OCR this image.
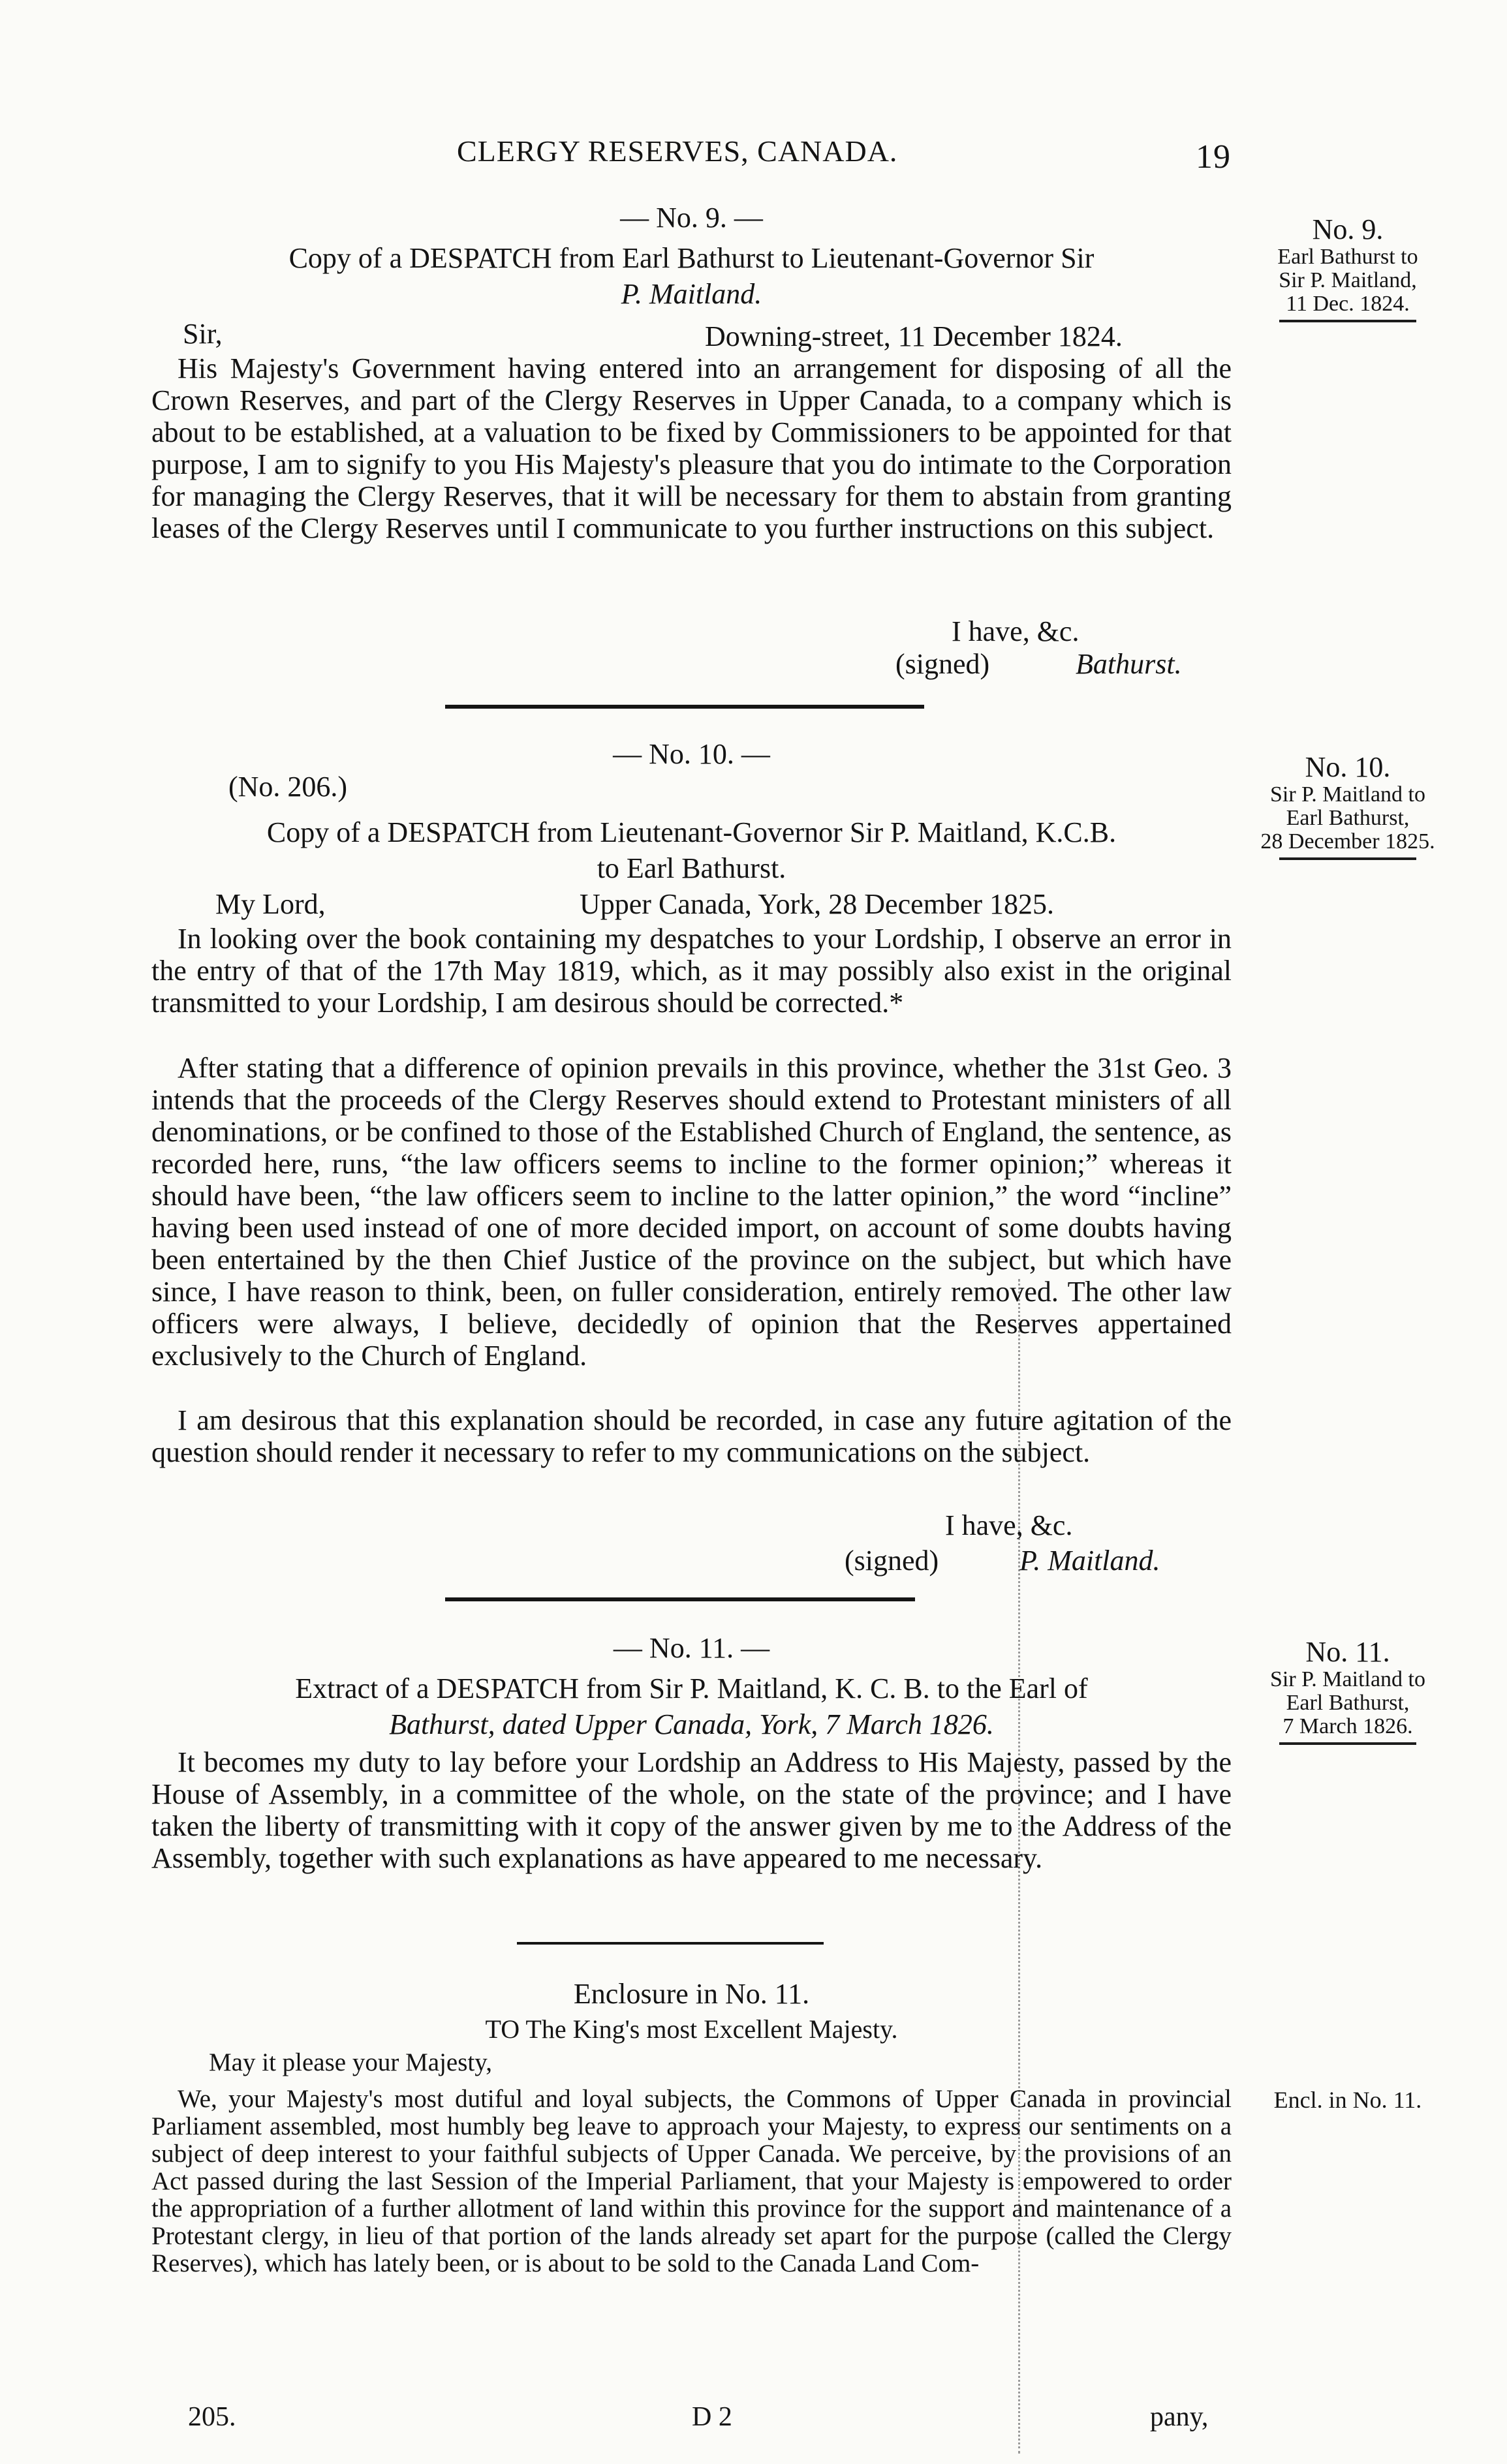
CLERGY RESERVES, CANADA.	19
— No. 9. —
Copy of a DESPATCH from Earl Bathurst to Lieutenant-Governor Sir
P. Maitland.
Sir,	Downing-street, 11 December 1824.
His Majesty's Government having entered into an arrangement for disposing of all the Crown Reserves, and part of the Clergy Reserves in Upper Canada, to a company which is about to be established, at a valuation to be fixed by Commissioners to be appointed for that purpose, I am to signify to you His Majesty's pleasure that you do intimate to the Corporation for managing the Clergy Reserves, that it will be necessary for them to abstain from granting leases of the Clergy Reserves until I communicate to you further instructions on this subject.
I have, &c.
(signed)	Bathurst.
No. 9.
Earl Bathurst to
Sir P. Maitland,
11 Dec. 1824.
— No. 10. —
(No. 206.)
Copy of a DESPATCH from Lieutenant-Governor Sir P. Maitland, K.C.B.
to Earl Bathurst.
My Lord,	Upper Canada, York, 28 December 1825.
In looking over the book containing my despatches to your Lordship, I observe an error in the entry of that of the 17th May 1819, which, as it may possibly also exist in the original transmitted to your Lordship, I am desirous should be corrected.*
After stating that a difference of opinion prevails in this province, whether the 31st Geo. 3 intends that the proceeds of the Clergy Reserves should extend to Protestant ministers of all denominations, or be confined to those of the Established Church of England, the sentence, as recorded here, runs, “the law officers seems to incline to the former opinion;” whereas it should have been, “the law officers seem to incline to the latter opinion,” the word “incline” having been used instead of one of more decided import, on account of some doubts having been entertained by the then Chief Justice of the province on the subject, but which have since, I have reason to think, been, on fuller consideration, entirely removed. The other law officers were always, I believe, decidedly of opinion that the Reserves appertained exclusively to the Church of England.
I am desirous that this explanation should be recorded, in case any future agitation of the question should render it necessary to refer to my communications on the subject.
I have, &c.
(signed)	P. Maitland.
No. 10.
Sir P. Maitland to
Earl Bathurst,
28 December 1825.
— No. 11. —
Extract of a DESPATCH from Sir P. Maitland, K. C. B. to the Earl of
Bathurst, dated Upper Canada, York, 7 March 1826.
It becomes my duty to lay before your Lordship an Address to His Majesty, passed by the House of Assembly, in a committee of the whole, on the state of the province; and I have taken the liberty of transmitting with it copy of the answer given by me to the Address of the Assembly, together with such explanations as have appeared to me necessary.
No. 11.
Sir P. Maitland to
Earl Bathurst,
7 March 1826.
Enclosure in No. 11.
TO The King's most Excellent Majesty.
May it please your Majesty,
We, your Majesty's most dutiful and loyal subjects, the Commons of Upper Canada in provincial Parliament assembled, most humbly beg leave to approach your Majesty, to express our sentiments on a subject of deep interest to your faithful subjects of Upper Canada. We perceive, by the provisions of an Act passed during the last Session of the Imperial Parliament, that your Majesty is empowered to order the appropriation of a further allotment of land within this province for the support and maintenance of a Protestant clergy, in lieu of that portion of the lands already set apart for the purpose (called the Clergy Reserves), which has lately been, or is about to be sold to the Canada Land Com-
Encl. in No. 11.
205.	D 2	pany,
